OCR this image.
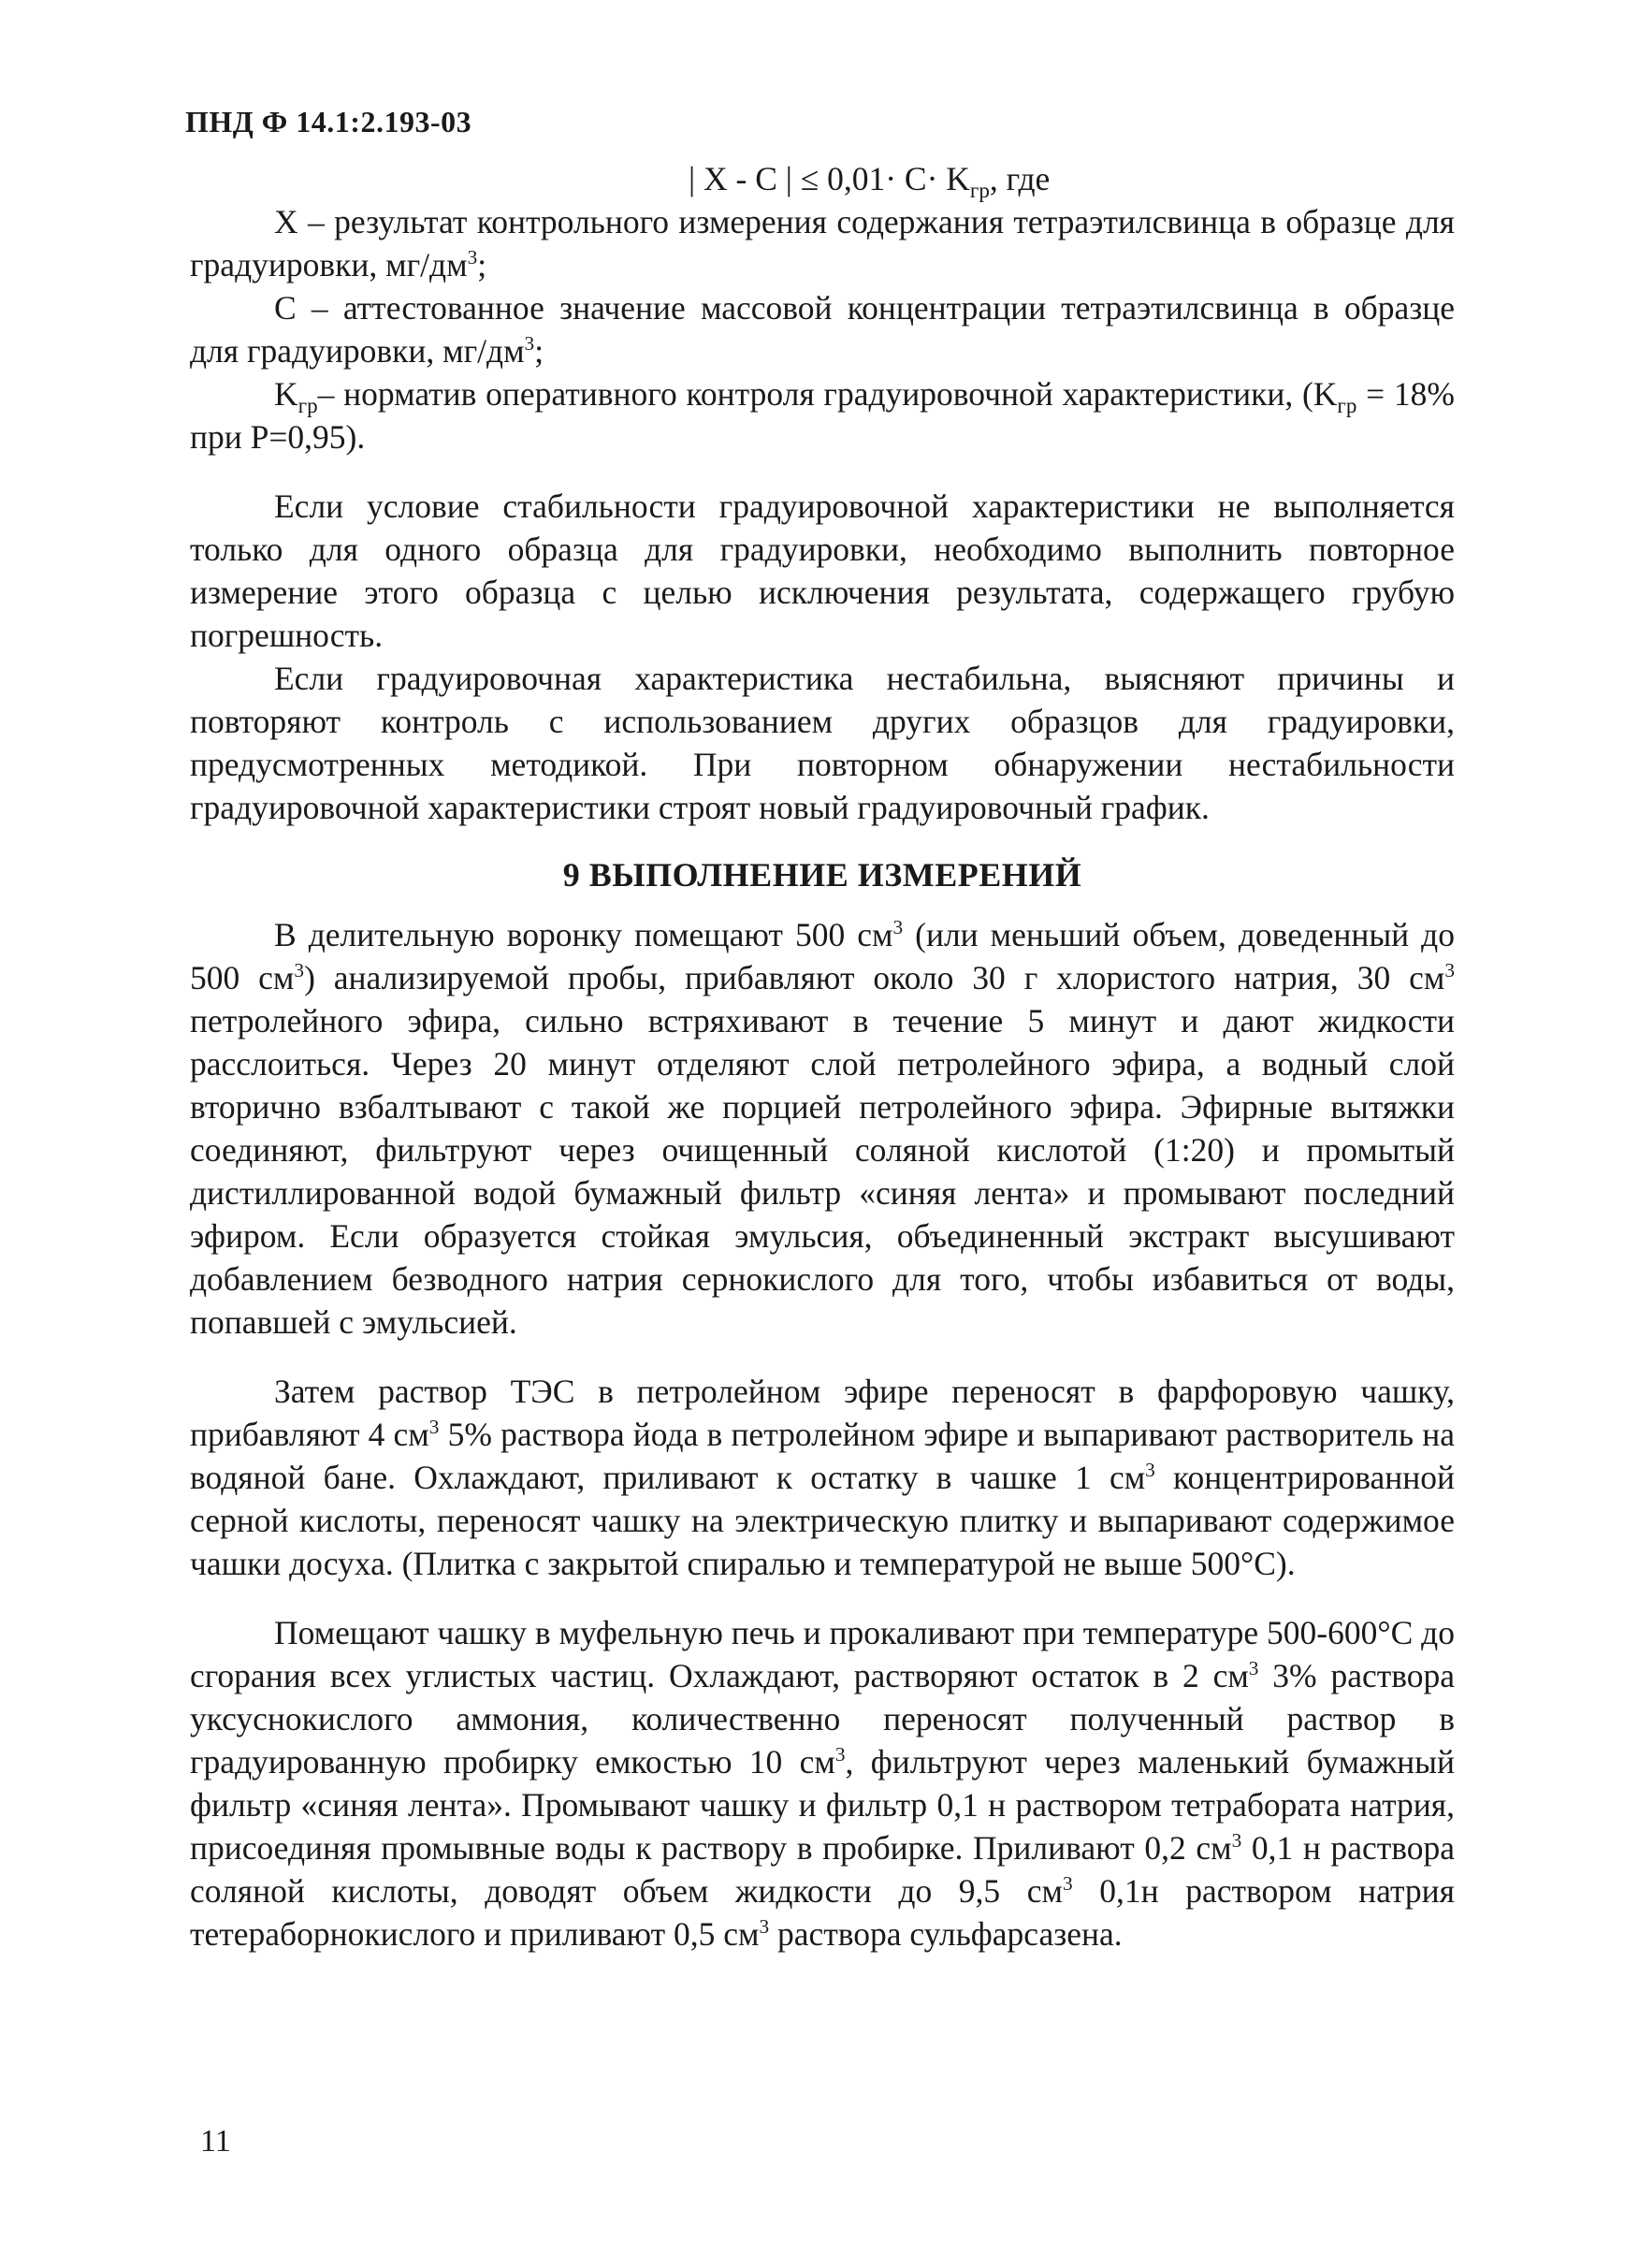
ПНД Ф 14.1:2.193-03
| X - C | ≤ $0,01\cdot C\cdot K_{гр}$, где

X – результат контрольного измерения содержания тетраэтилсвинца в образце для градуировки, $мг/дм^3$;

C – аттестованное значение массовой концентрации тетраэтилсвинца в образце для градуировки, $мг/дм^3$;

$K_{гр}-$ норматив оперативного контроля градуировочной характеристики, ($K_{гр} = 18\%$ при Р=0,95).

Если условие стабильности градуировочной характеристики не выполняется только для одного образца для градуировки, необходимо выполнить повторное измерение этого образца с целью исключения результата, содержащего грубую погрешность.

Если градуировочная характеристика нестабильна, выясняют причины и повторяют контроль с использованием других образцов для градуировки, предусмотренных методикой. При повторном обнаружении нестабильности градуировочной характеристики строят новый градуировочный график.

9 ВЫПОЛНЕНИЕ ИЗМЕРЕНИЙ

В делительную воронку помещают 500 $см^3$ (или меньший объем, доведенный до 500 $см^3$) анализируемой пробы, прибавляют около 30 г хлористого натрия, 30 $см^3$ петролейного эфира, сильно встряхивают в течение 5 минут и дают жидкости расслоиться. Через 20 минут отделяют слой петролейного эфира, а водный слой вторично взбалтывают с такой же порцией петролейного эфира. Эфирные вытяжки соединяют, фильтруют через очищенный соляной кислотой (1:20) и промытый дистиллированной водой бумажный фильтр «синяя лента» и промывают последний эфиром. Если образуется стойкая эмульсия, объединенный экстракт высушивают добавлением безводного натрия сернокислого для того, чтобы избавиться от воды, попавшей с эмульсией.

Затем раствор ТЭС в петролейном эфире переносят в фарфоровую чашку, прибавляют 4 $см^3$ 5% раствора йода в петролейном эфире и выпаривают растворитель на водяной бане. Охлаждают, приливают к остатку в чашке 1 $см^3$ концентрированной серной кислоты, переносят чашку на электрическую плитку и выпаривают содержимое чашки досуха. (Плитка с закрытой спиралью и температурой не выше 500°С).

Помещают чашку в муфельную печь и прокаливают при температуре 500-600°С до сгорания всех углистых частиц. Охлаждают, растворяют остаток в 2 $см^3$ 3% раствора уксуснокислого аммония, количественно переносят полученный раствор в градуированную пробирку емкостью 10 $см^3$, фильтруют через маленький бумажный фильтр «синяя лента». Промывают чашку и фильтр 0,1 н раствором тетрабората натрия, присоединяя промывные воды к раствору в пробирке. Приливают 0,2 $см^3$ 0,1 н раствора соляной кислоты, доводят объем жидкости до 9,5 $см^3$ 0,1н раствором натрия тетераборнокислого и приливают 0,5 $см^3$ раствора сульфарсазена.

11
